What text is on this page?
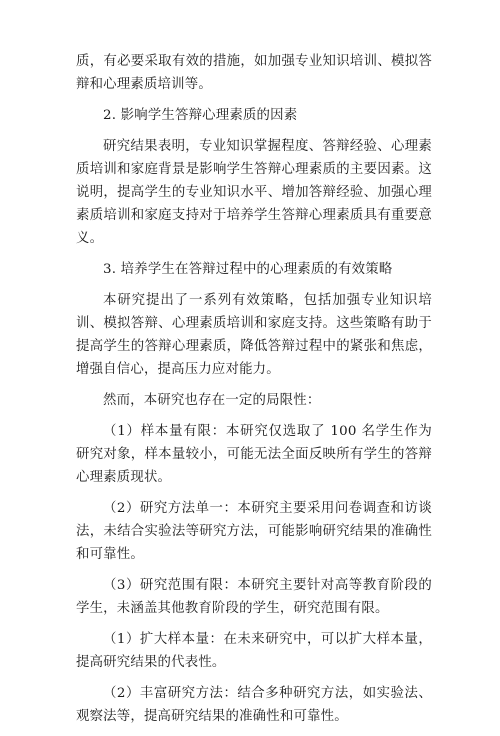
质，有必要采取有效的措施，如加强专业知识培训、模拟答辩和心理素质培训等。

2. 影响学生答辩心理素质的因素

研究结果表明，专业知识掌握程度、答辩经验、心理素质培训和家庭背景是影响学生答辩心理素质的主要因素。这说明，提高学生的专业知识水平、增加答辩经验、加强心理素质培训和家庭支持对于培养学生答辩心理素质具有重要意义。

3. 培养学生在答辩过程中的心理素质的有效策略

本研究提出了一系列有效策略，包括加强专业知识培训、模拟答辩、心理素质培训和家庭支持。这些策略有助于提高学生的答辩心理素质，降低答辩过程中的紧张和焦虑，增强自信心，提高压力应对能力。

然而，本研究也存在一定的局限性：

（1）样本量有限：本研究仅选取了 100 名学生作为研究对象，样本量较小，可能无法全面反映所有学生的答辩心理素质现状。

（2）研究方法单一：本研究主要采用问卷调查和访谈法，未结合实验法等研究方法，可能影响研究结果的准确性和可靠性。

（3）研究范围有限：本研究主要针对高等教育阶段的学生，未涵盖其他教育阶段的学生，研究范围有限。

（1）扩大样本量：在未来研究中，可以扩大样本量，提高研究结果的代表性。

（2）丰富研究方法：结合多种研究方法，如实验法、观察法等，提高研究结果的准确性和可靠性。
